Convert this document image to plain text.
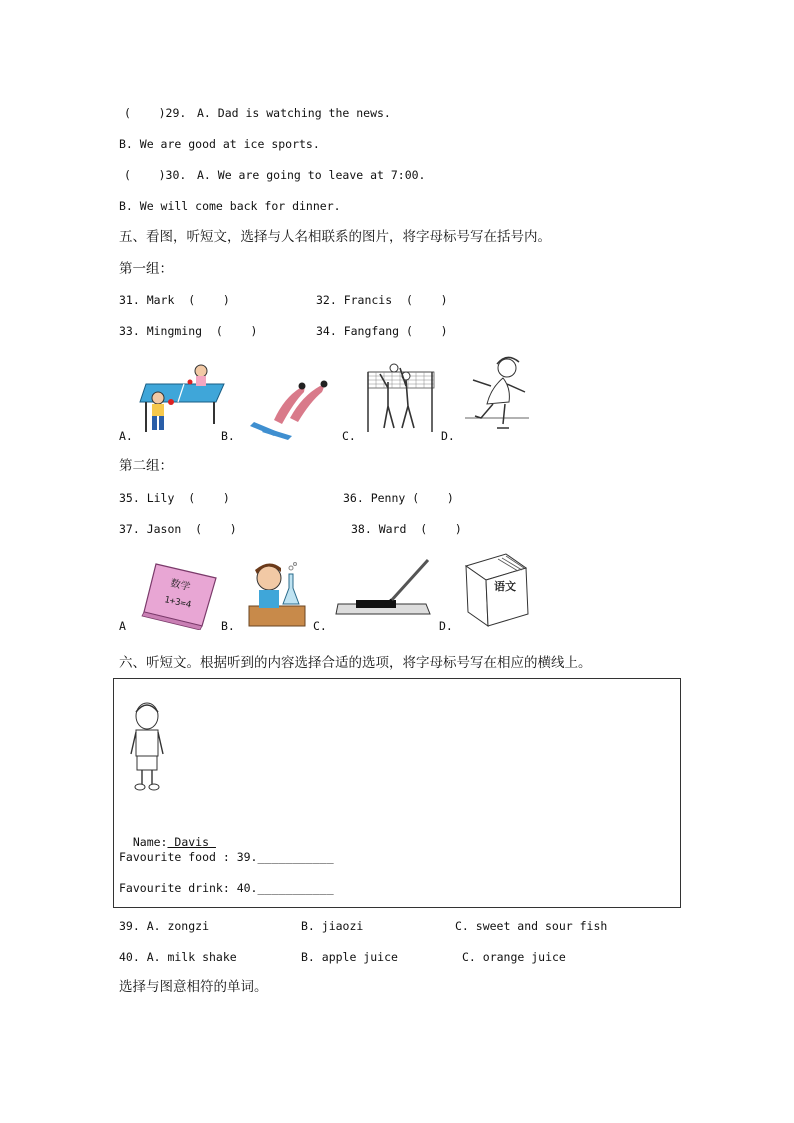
(    )29. A. Dad is watching the news.
B. We are good at ice sports.
(    )30. A. We are going to leave at 7:00.
B. We will come back for dinner.
五、看图，听短文，选择与人名相联系的图片，将字母标号写在括号内。
第一组：
31. Mark  (    )	32. Francis  (    )
33. Mingming  (    )	34. Fangfang (    )
A.	B.	C.	D.
第二组：
35. Lily  (    )	36. Penny (    )
37. Jason  (    )	38. Ward  (    )
数学
1+3=4
语文
A	B.	C.	D.
六、听短文。根据听到的内容选择合适的选项，将字母标号写在相应的横线上。

Name: Davis

Favourite food : 39.___________
Favourite drink: 40.___________
39. A. zongzi	B. jiaozi	C. sweet and sour fish
40. A. milk shake	B. apple juice	C. orange juice
选择与图意相符的单词。
